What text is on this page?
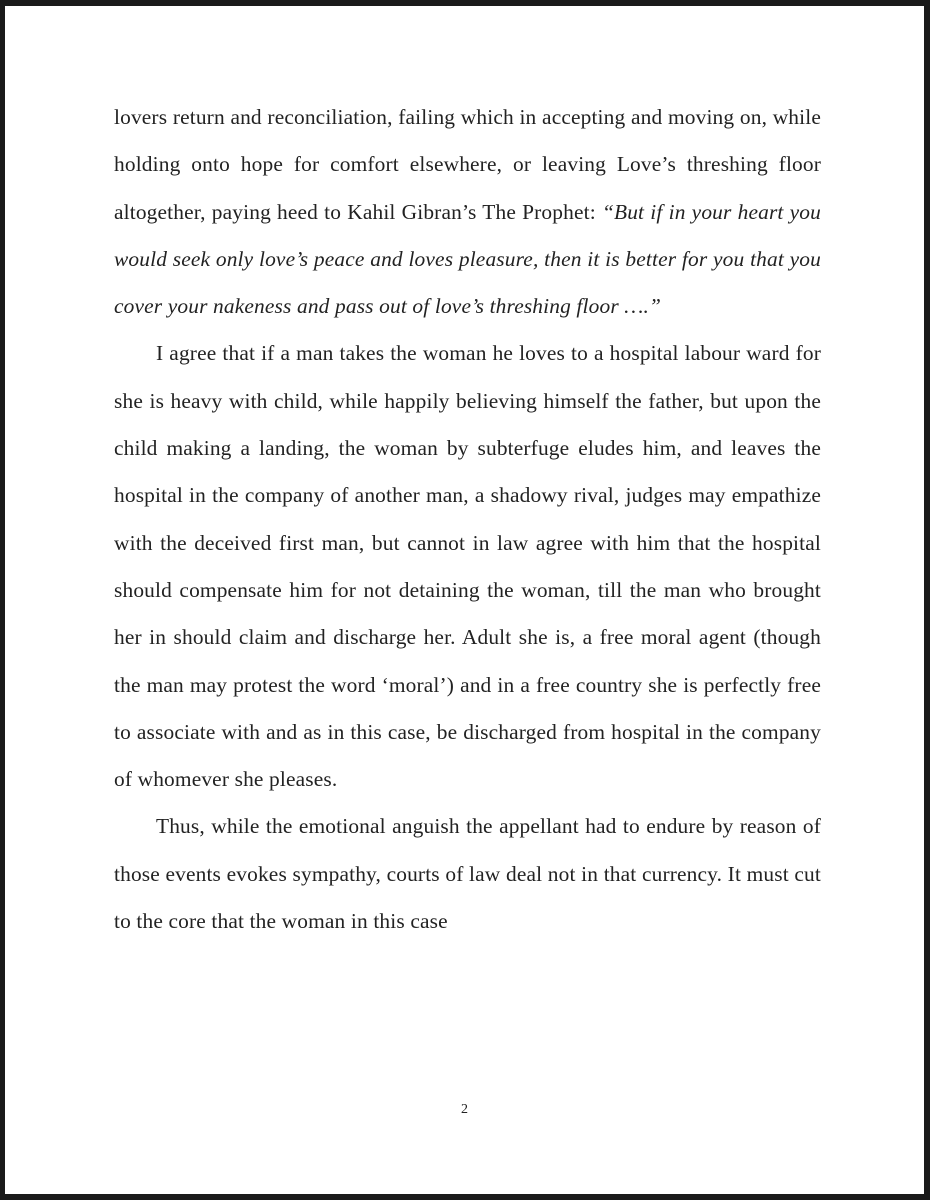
lovers return and reconciliation, failing which in accepting and moving on, while holding onto hope for comfort elsewhere, or leaving Love’s threshing floor altogether, paying heed to Kahil Gibran’s The Prophet: “But if in your heart you would seek only love’s peace and loves pleasure, then it is better for you that you cover your nakeness and pass out of love’s threshing floor ….”

I agree that if a man takes the woman he loves to a hospital labour ward for she is heavy with child, while happily believing himself the father, but upon the child making a landing, the woman by subterfuge eludes him, and leaves the hospital in the company of another man, a shadowy rival, judges may empathize with the deceived first man, but cannot in law agree with him that the hospital should compensate him for not detaining the woman, till the man who brought her in should claim and discharge her. Adult she is, a free moral agent (though the man may protest the word ‘moral’) and in a free country she is perfectly free to associate with and as in this case, be discharged from hospital in the company of whomever she pleases.

Thus, while the emotional anguish the appellant had to endure by reason of those events evokes sympathy, courts of law deal not in that currency. It must cut to the core that the woman in this case

2
